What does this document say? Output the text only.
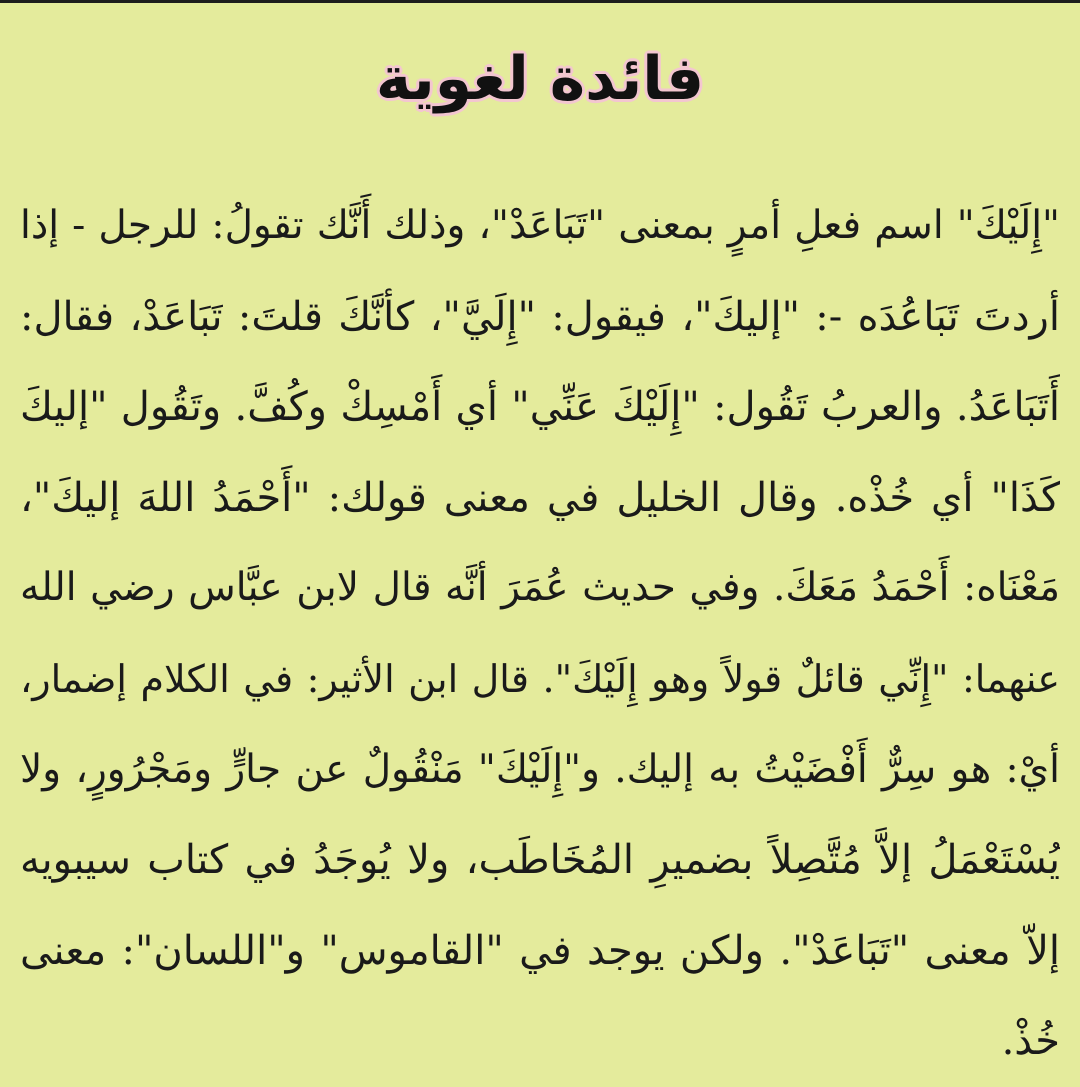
فائدة لغوية
"إِلَيْكَ" اسم فعلِ أمرٍ بمعنى "تَبَاعَدْ"، وذلك أَنَّك تقولُ: للرجل - إذا
أردتَ تَبَاعُدَه -: "إليكَ"، فيقول: "إِلَيَّ"، كأنَّكَ قلتَ: تَبَاعَدْ، فقال:
أَتَبَاعَدُ. والعربُ تَقُول: "إِلَيْكَ عَنِّي" أي أَمْسِكْ وكُفَّ. وتَقُول "إليكَ
كَذَا" أي خُذْه. وقال الخليل في معنى قولك: "أَحْمَدُ اللهَ إليكَ"،
مَعْنَاه: أَحْمَدُ مَعَكَ. وفي حديث عُمَرَ أنَّه قال لابن عبَّاس رضي الله
عنهما: "إِنِّي قائلٌ قولاً وهو إِلَيْكَ". قال ابن الأثير: في الكلام إضمار،
أيْ: هو سِرٌّ أَفْضَيْتُ به إليك. و"إِلَيْكَ" مَنْقُولٌ عن جارٍّ ومَجْرُورٍ، ولا
يُسْتَعْمَلُ إلاَّ مُتَّصِلاً بضميرِ المُخَاطَب، ولا يُوجَدُ في كتاب سيبويه
إلاّ معنى "تَبَاعَدْ". ولكن يوجد في "القاموس" و"اللسان": معنى
خُذْ.
